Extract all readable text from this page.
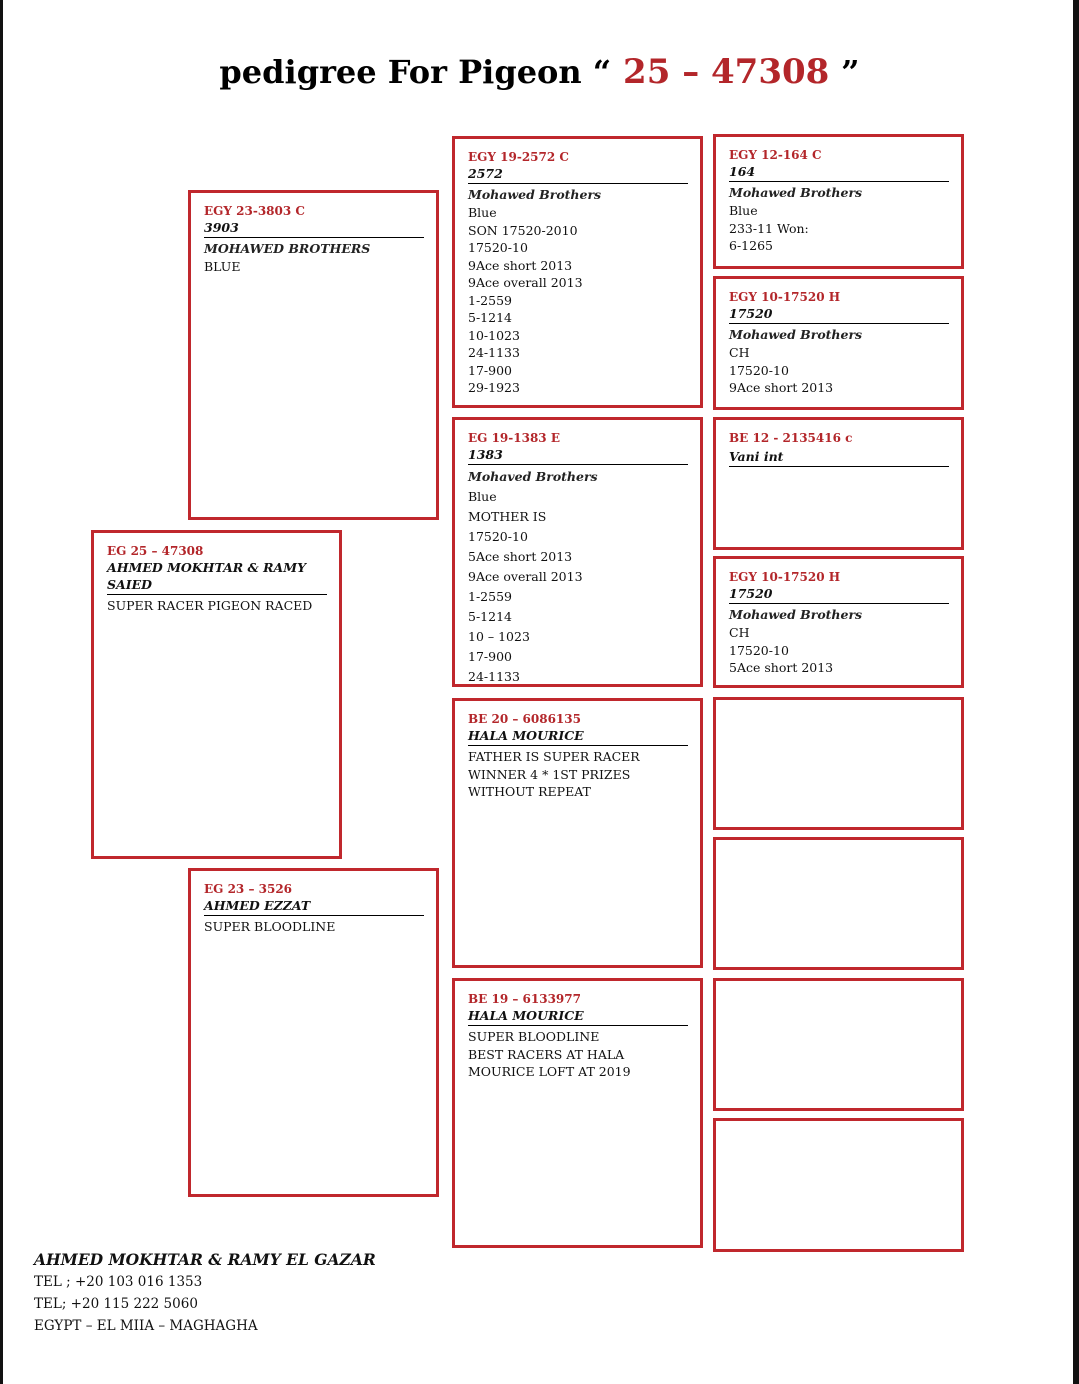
pedigree For Pigeon “ 25 – 47308 ”
EG 25 – 47308
AHMED MOKHTAR & RAMY SAIED
SUPER RACER PIGEON RACED
EGY 23-3803 C
3903
MOHAWED BROTHERS
BLUE
EG 23 – 3526
AHMED EZZAT
SUPER BLOODLINE
EGY 19-2572 C
2572
Mohawed Brothers
Blue
SON 17520-2010
17520-10
9Ace short 2013
9Ace overall 2013
1-2559
5-1214
10-1023
24-1133
17-900
29-1923
EG 19-1383 E
1383
Mohaved Brothers
Blue
MOTHER IS
17520-10
5Ace short 2013
9Ace overall 2013
1-2559
5-1214
10 – 1023
17-900
24-1133
BE 20 – 6086135
HALA MOURICE
FATHER IS SUPER RACER
WINNER 4 * 1ST PRIZES
WITHOUT REPEAT
BE 19 – 6133977
HALA MOURICE
SUPER BLOODLINE
BEST RACERS AT HALA
MOURICE LOFT AT 2019
EGY 12-164 C
164
Mohawed Brothers
Blue
233-11 Won:
6-1265
EGY 10-17520 H
17520
Mohawed Brothers
CH
17520-10
9Ace short 2013
BE 12 - 2135416 c
Vani int
EGY 10-17520 H
17520
Mohawed Brothers
CH
17520-10
5Ace short 2013
AHMED MOKHTAR & RAMY EL GAZAR
TEL ; +20 103 016 1353
TEL; +20 115 222 5060
EGYPT – EL MIIA – MAGHAGHA
